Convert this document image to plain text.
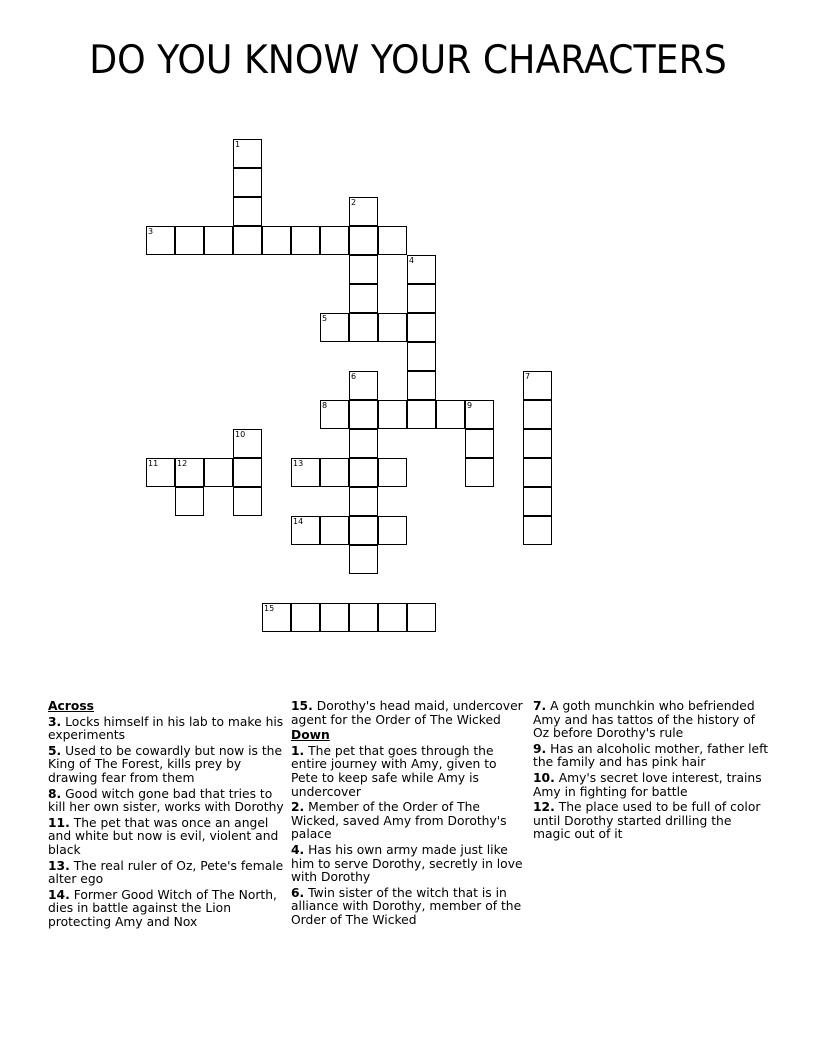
DO YOU KNOW YOUR CHARACTERS
1
2
3
4
5
6	7
8	9
10
11 12	13
14
15
Across
3. Locks himself in his lab to make his experiments
5. Used to be cowardly but now is the King of The Forest, kills prey by drawing fear from them
8. Good witch gone bad that tries to kill her own sister, works with Dorothy
11. The pet that was once an angel and white but now is evil, violent and black
13. The real ruler of Oz, Pete's female alter ego
14. Former Good Witch of The North, dies in battle against the Lion protecting Amy and Nox
15. Dorothy's head maid, undercover agent for the Order of The Wicked
Down
1. The pet that goes through the entire journey with Amy, given to Pete to keep safe while Amy is undercover
2. Member of the Order of The Wicked, saved Amy from Dorothy's palace
4. Has his own army made just like him to serve Dorothy, secretly in love with Dorothy
6. Twin sister of the witch that is in alliance with Dorothy, member of the Order of The Wicked
7. A goth munchkin who befriended Amy and has tattos of the history of Oz before Dorothy's rule
9. Has an alcoholic mother, father left the family and has pink hair
10. Amy's secret love interest, trains Amy in fighting for battle
12. The place used to be full of color until Dorothy started drilling the magic out of it
